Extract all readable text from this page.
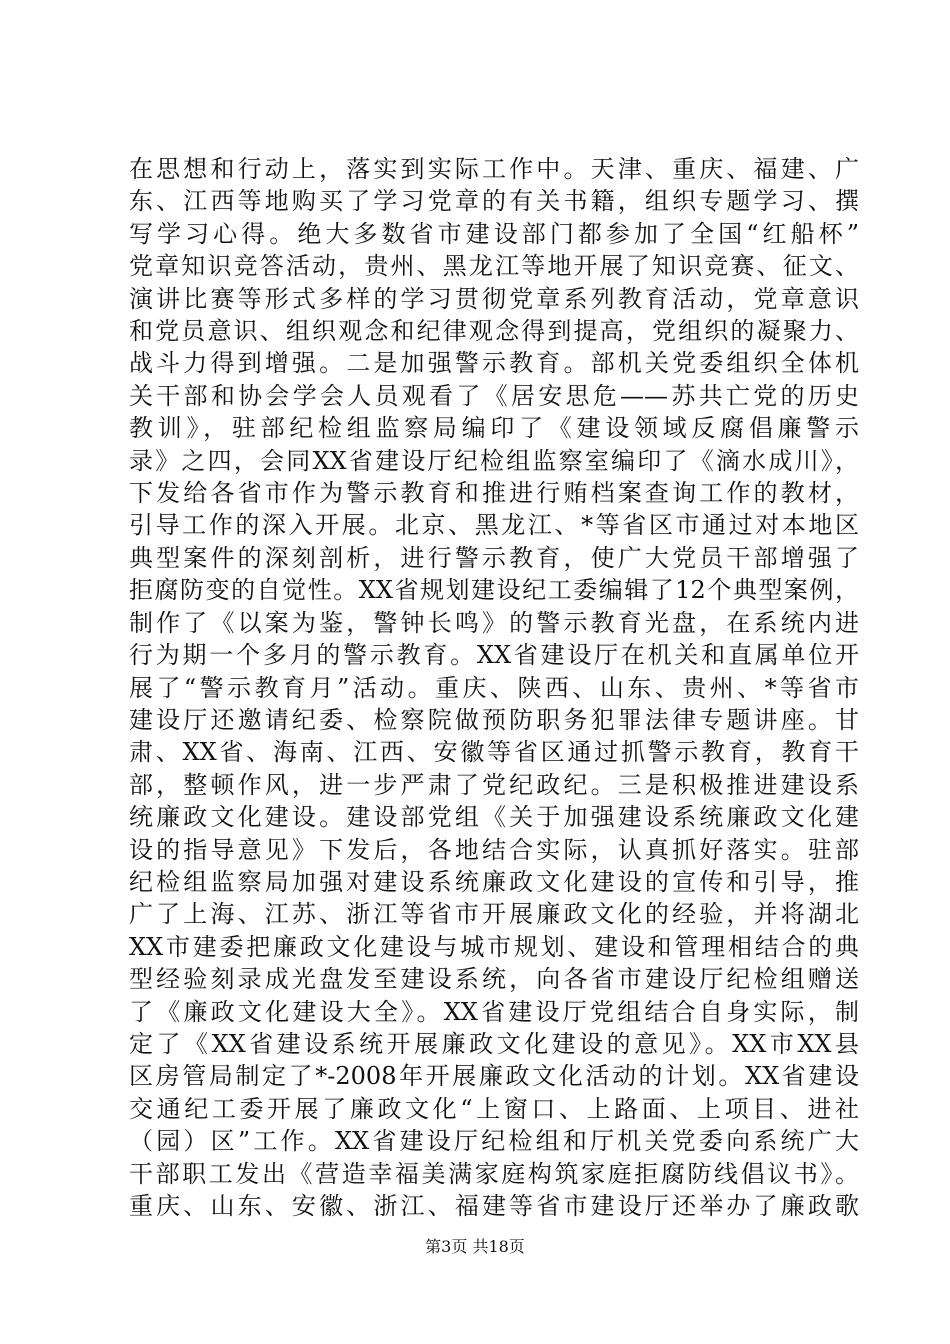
在思想和行动上，落实到实际工作中。天津、重庆、福建、广
东、江西等地购买了学习党章的有关书籍，组织专题学习、撰
写学习心得。绝大多数省市建设部门都参加了全国“红船杯”
党章知识竞答活动，贵州、黑龙江等地开展了知识竞赛、征文、
演讲比赛等形式多样的学习贯彻党章系列教育活动，党章意识
和党员意识、组织观念和纪律观念得到提高，党组织的凝聚力、
战斗力得到增强。二是加强警示教育。部机关党委组织全体机
关干部和协会学会人员观看了《居安思危——苏共亡党的历史
教训》，驻部纪检组监察局编印了《建设领域反腐倡廉警示
录》之四，会同XX省建设厅纪检组监察室编印了《滴水成川》，
下发给各省市作为警示教育和推进行贿档案查询工作的教材，
引导工作的深入开展。北京、黑龙江、*等省区市通过对本地区
典型案件的深刻剖析，进行警示教育，使广大党员干部增强了
拒腐防变的自觉性。XX省规划建设纪工委编辑了12个典型案例，
制作了《以案为鉴，警钟长鸣》的警示教育光盘，在系统内进
行为期一个多月的警示教育。XX省建设厅在机关和直属单位开
展了“警示教育月”活动。重庆、陕西、山东、贵州、*等省市
建设厅还邀请纪委、检察院做预防职务犯罪法律专题讲座。甘
肃、XX省、海南、江西、安徽等省区通过抓警示教育，教育干
部，整顿作风，进一步严肃了党纪政纪。三是积极推进建设系
统廉政文化建设。建设部党组《关于加强建设系统廉政文化建
设的指导意见》下发后，各地结合实际，认真抓好落实。驻部
纪检组监察局加强对建设系统廉政文化建设的宣传和引导，推
广了上海、江苏、浙江等省市开展廉政文化的经验，并将湖北
XX市建委把廉政文化建设与城市规划、建设和管理相结合的典
型经验刻录成光盘发至建设系统，向各省市建设厅纪检组赠送
了《廉政文化建设大全》。XX省建设厅党组结合自身实际，制
定了《XX省建设系统开展廉政文化建设的意见》。XX市XX县
区房管局制定了*-2008年开展廉政文化活动的计划。XX省建设
交通纪工委开展了廉政文化“上窗口、上路面、上项目、进社
（园）区”工作。XX省建设厅纪检组和厅机关党委向系统广大
干部职工发出《营造幸福美满家庭构筑家庭拒腐防线倡议书》。
重庆、山东、安徽、浙江、福建等省市建设厅还举办了廉政歌
第3页 共18页
